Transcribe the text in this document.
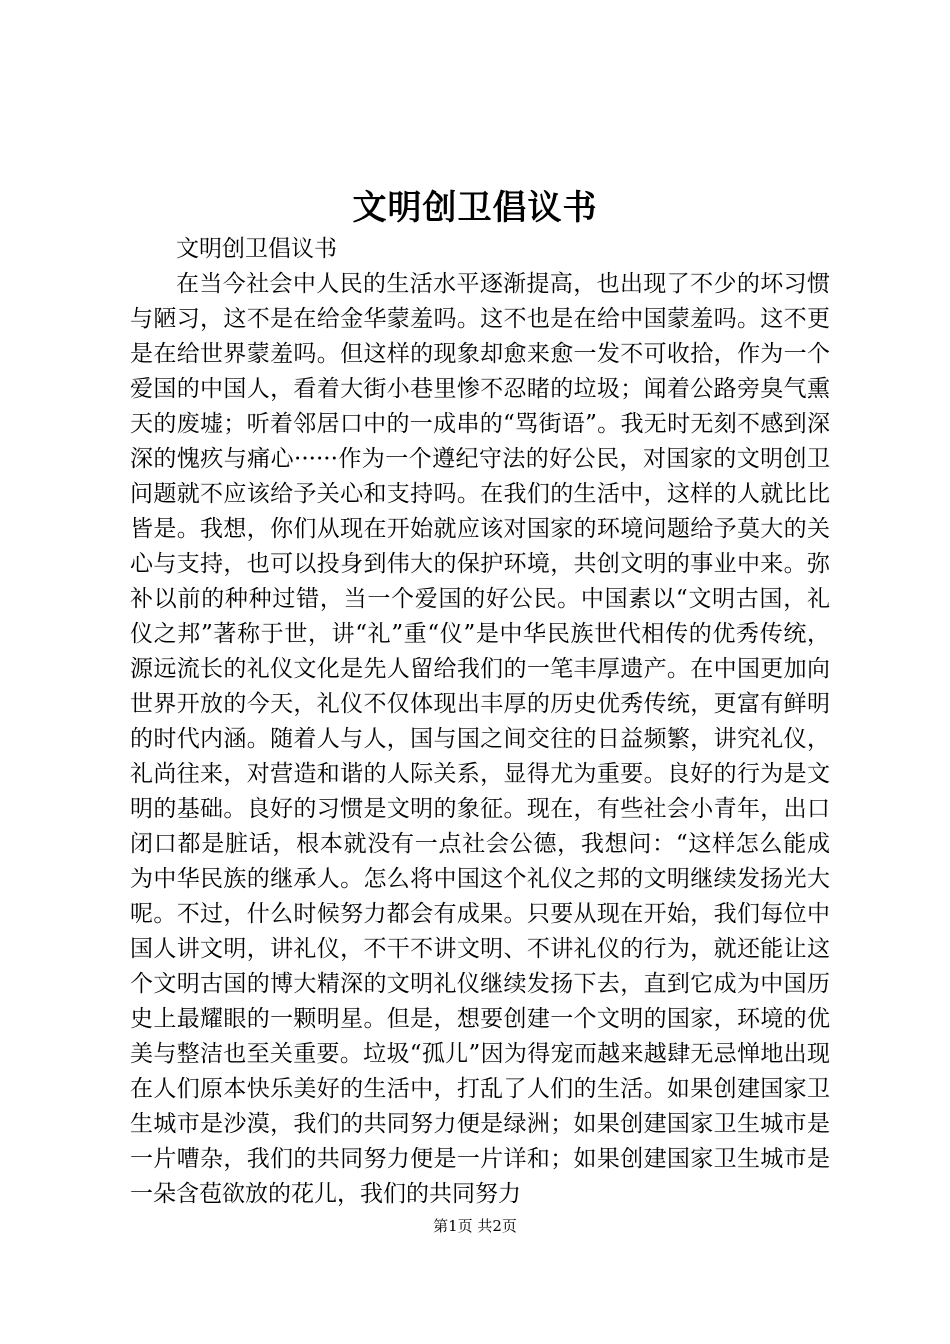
文明创卫倡议书

文明创卫倡议书

在当今社会中人民的生活水平逐渐提高，也出现了不少的坏习惯与陋习，这不是在给金华蒙羞吗。这不也是在给中国蒙羞吗。这不更是在给世界蒙羞吗。但这样的现象却愈来愈一发不可收拾，作为一个爱国的中国人，看着大街小巷里惨不忍睹的垃圾；闻着公路旁臭气熏天的废墟；听着邻居口中的一成串的“骂街语”。我无时无刻不感到深深的愧疚与痛心······作为一个遵纪守法的好公民，对国家的文明创卫问题就不应该给予关心和支持吗。在我们的生活中，这样的人就比比皆是。我想，你们从现在开始就应该对国家的环境问题给予莫大的关心与支持，也可以投身到伟大的保护环境，共创文明的事业中来。弥补以前的种种过错，当一个爱国的好公民。中国素以“文明古国，礼仪之邦”著称于世，讲“礼”重“仪”是中华民族世代相传的优秀传统，源远流长的礼仪文化是先人留给我们的一笔丰厚遗产。在中国更加向世界开放的今天，礼仪不仅体现出丰厚的历史优秀传统，更富有鲜明的时代内涵。随着人与人，国与国之间交往的日益频繁，讲究礼仪，礼尚往来，对营造和谐的人际关系，显得尤为重要。良好的行为是文明的基础。良好的习惯是文明的象征。现在，有些社会小青年，出口闭口都是脏话，根本就没有一点社会公德，我想问：“这样怎么能成为中华民族的继承人。怎么将中国这个礼仪之邦的文明继续发扬光大呢。不过，什么时候努力都会有成果。只要从现在开始，我们每位中国人讲文明，讲礼仪，不干不讲文明、不讲礼仪的行为，就还能让这个文明古国的博大精深的文明礼仪继续发扬下去，直到它成为中国历史上最耀眼的一颗明星。但是，想要创建一个文明的国家，环境的优美与整洁也至关重要。垃圾“孤儿”因为得宠而越来越肆无忌惮地出现在人们原本快乐美好的生活中，打乱了人们的生活。如果创建国家卫生城市是沙漠，我们的共同努力便是绿洲；如果创建国家卫生城市是一片嘈杂，我们的共同努力便是一片详和；如果创建国家卫生城市是一朵含苞欲放的花儿，我们的共同努力

第1页 共2页
